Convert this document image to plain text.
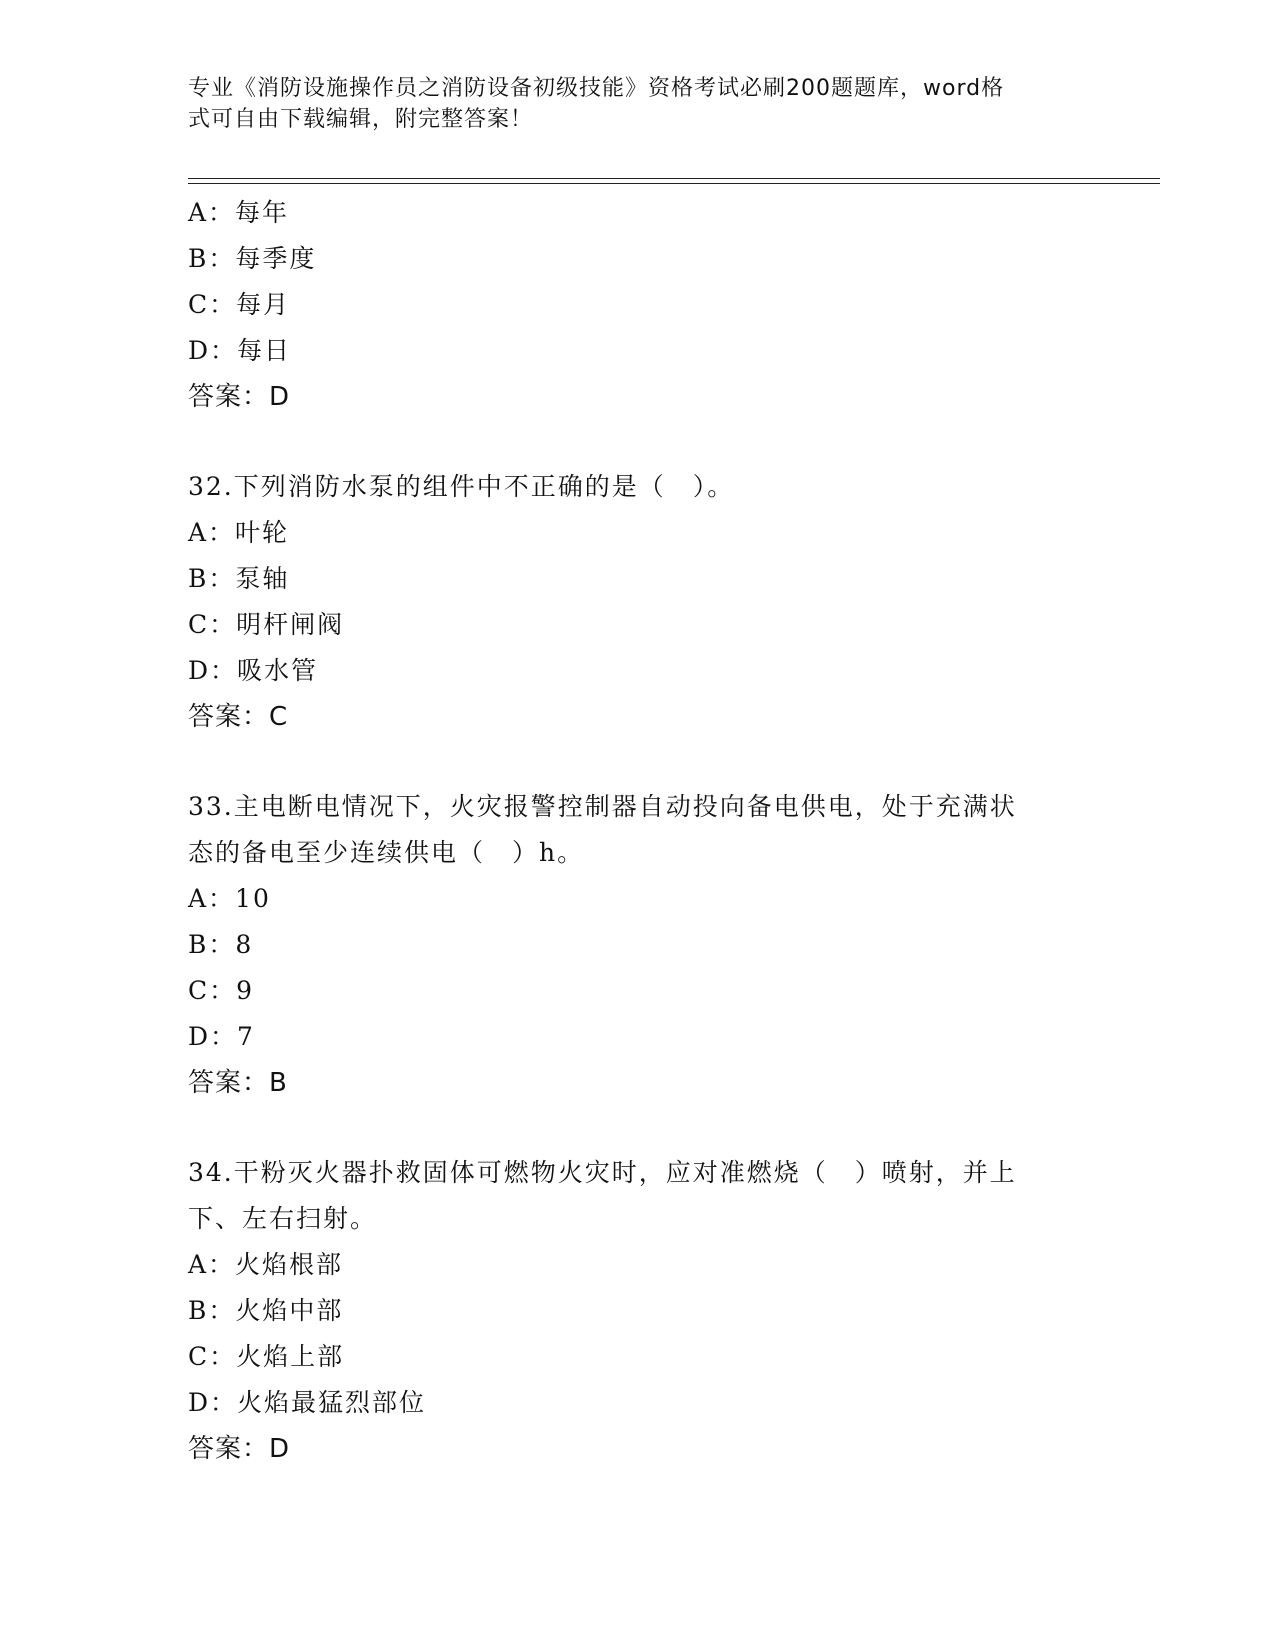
专业《消防设施操作员之消防设备初级技能》资格考试必刷200题题库，word格
式可自由下载编辑，附完整答案！
A：每年
B：每季度
C：每月
D：每日
答案：D
32.下列消防水泵的组件中不正确的是（　）。
A：叶轮
B：泵轴
C：明杆闸阀
D：吸水管
答案：C
33.主电断电情况下，火灾报警控制器自动投向备电供电，处于充满状
态的备电至少连续供电（　）h。
A：10
B：8
C：9
D：7
答案：B
34.干粉灭火器扑救固体可燃物火灾时，应对准燃烧（　）喷射，并上
下、左右扫射。
A：火焰根部
B：火焰中部
C：火焰上部
D：火焰最猛烈部位
答案：D
